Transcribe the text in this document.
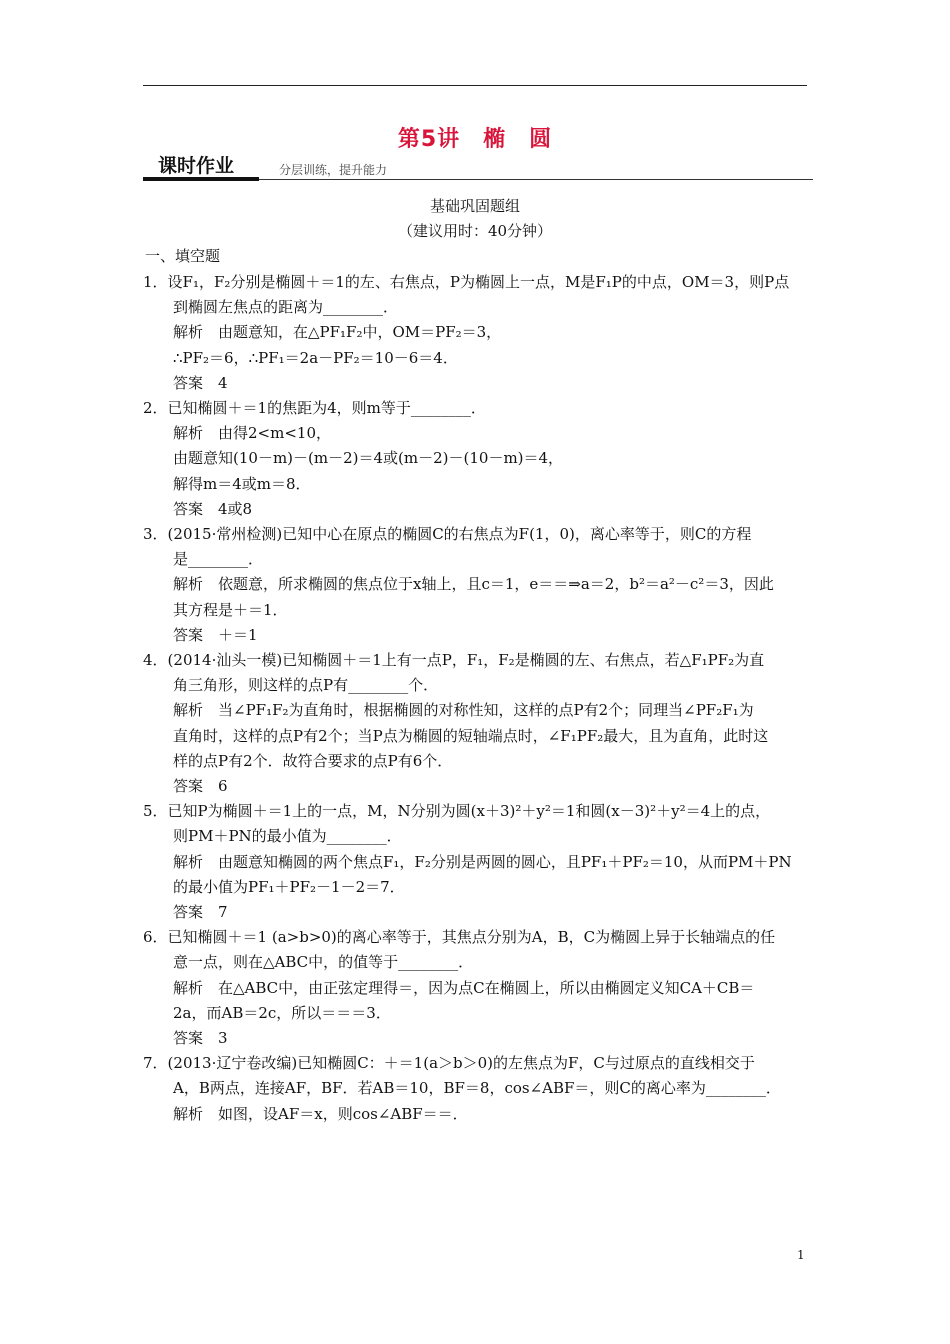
第5讲　椭　圆
课时作业	分层训练，提升能力
基础巩固题组
（建议用时：40分钟）
一、填空题
1．设F₁，F₂分别是椭圆＋＝1的左、右焦点，P为椭圆上一点，M是F₁P的中点，OM＝3，则P点
到椭圆左焦点的距离为________．
解析　由题意知，在△PF₁F₂中，OM＝PF₂＝3，
∴PF₂＝6，∴PF₁＝2a－PF₂＝10－6＝4．
答案　4
2．已知椭圆＋＝1的焦距为4，则m等于________．
解析　由得2<m<10，
由题意知(10－m)－(m－2)＝4或(m－2)－(10－m)＝4，
解得m＝4或m＝8．
答案　4或8
3．(2015·常州检测)已知中心在原点的椭圆C的右焦点为F(1，0)，离心率等于，则C的方程
是________．
解析　依题意，所求椭圆的焦点位于x轴上，且c＝1，e＝＝⇒a＝2，b²＝a²－c²＝3，因此
其方程是＋＝1．
答案　＋＝1
4．(2014·汕头一模)已知椭圆＋＝1上有一点P，F₁，F₂是椭圆的左、右焦点，若△F₁PF₂为直
角三角形，则这样的点P有________个．
解析　当∠PF₁F₂为直角时，根据椭圆的对称性知，这样的点P有2个；同理当∠PF₂F₁为
直角时，这样的点P有2个；当P点为椭圆的短轴端点时，∠F₁PF₂最大，且为直角，此时这
样的点P有2个．故符合要求的点P有6个．
答案　6
5．已知P为椭圆＋＝1上的一点，M，N分别为圆(x＋3)²＋y²＝1和圆(x－3)²＋y²＝4上的点，
则PM＋PN的最小值为________．
解析　由题意知椭圆的两个焦点F₁，F₂分别是两圆的圆心，且PF₁＋PF₂＝10，从而PM＋PN
的最小值为PF₁＋PF₂－1－2＝7．
答案　7
6．已知椭圆＋＝1 (a>b>0)的离心率等于，其焦点分别为A，B，C为椭圆上异于长轴端点的任
意一点，则在△ABC中，的值等于________．
解析　在△ABC中，由正弦定理得＝，因为点C在椭圆上，所以由椭圆定义知CA＋CB＝
2a，而AB＝2c，所以＝＝＝3．
答案　3
7．(2013·辽宁卷改编)已知椭圆C：＋＝1(a＞b＞0)的左焦点为F，C与过原点的直线相交于
A，B两点，连接AF，BF．若AB＝10，BF＝8，cos∠ABF＝，则C的离心率为________．
解析　如图，设AF＝x，则cos∠ABF＝＝．
1
